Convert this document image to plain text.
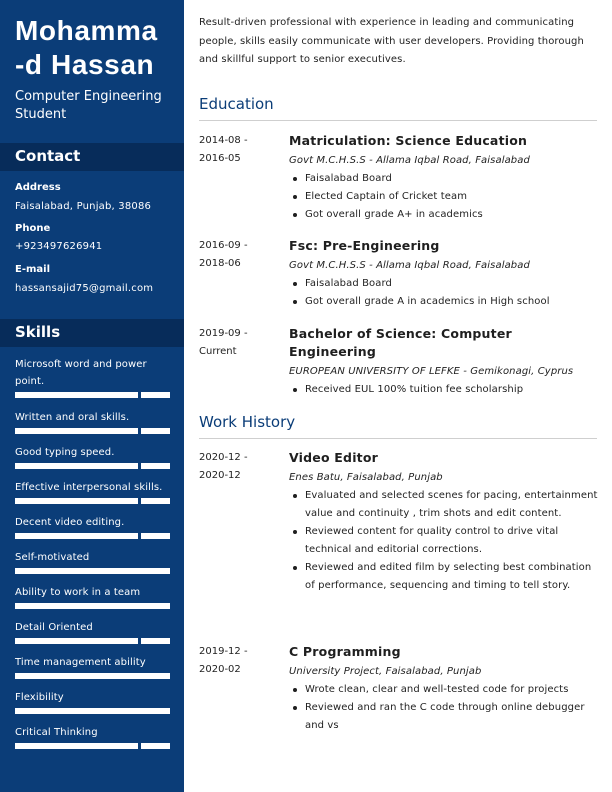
Mohamma
-d Hassan
Computer Engineering Student
Contact
Address
Faisalabad, Punjab, 38086
Phone
+923497626941
E-mail
hassansajid75@gmail.com
Skills
Microsoft word and power point.
Written and oral skills.
Good typing speed.
Effective interpersonal skills.
Decent video editing.
Self-motivated
Ability to work in a team
Detail Oriented
Time management ability
Flexibility
Critical Thinking
Result-driven professional with experience in leading and communicating people, skills easily communicate with user developers. Providing thorough and skillful support to senior executives.
Education
2014-08 -
2016-05
Matriculation: Science Education
Govt M.C.H.S.S - Allama Iqbal Road, Faisalabad
Faisalabad Board
Elected Captain of Cricket team
Got overall grade A+ in academics
2016-09 -
2018-06
Fsc: Pre-Engineering
Govt M.C.H.S.S - Allama Iqbal Road, Faisalabad
Faisalabad Board
Got overall grade A in academics in High school
2019-09 -
Current
Bachelor of Science: Computer Engineering
EUROPEAN UNIVERSITY OF LEFKE - Gemikonagi, Cyprus
Received EUL 100% tuition fee scholarship
Work History
2020-12 -
2020-12
Video Editor
Enes Batu, Faisalabad, Punjab
Evaluated and selected scenes for pacing, entertainment value and continuity , trim shots and edit content.
Reviewed content for quality control to drive vital technical and editorial corrections.
Reviewed and edited film by selecting best combination of performance, sequencing and timing to tell story.
2019-12 -
2020-02
C Programming
University Project, Faisalabad, Punjab
Wrote clean, clear and well-tested code for projects
Reviewed and ran the C code through online debugger and vs
